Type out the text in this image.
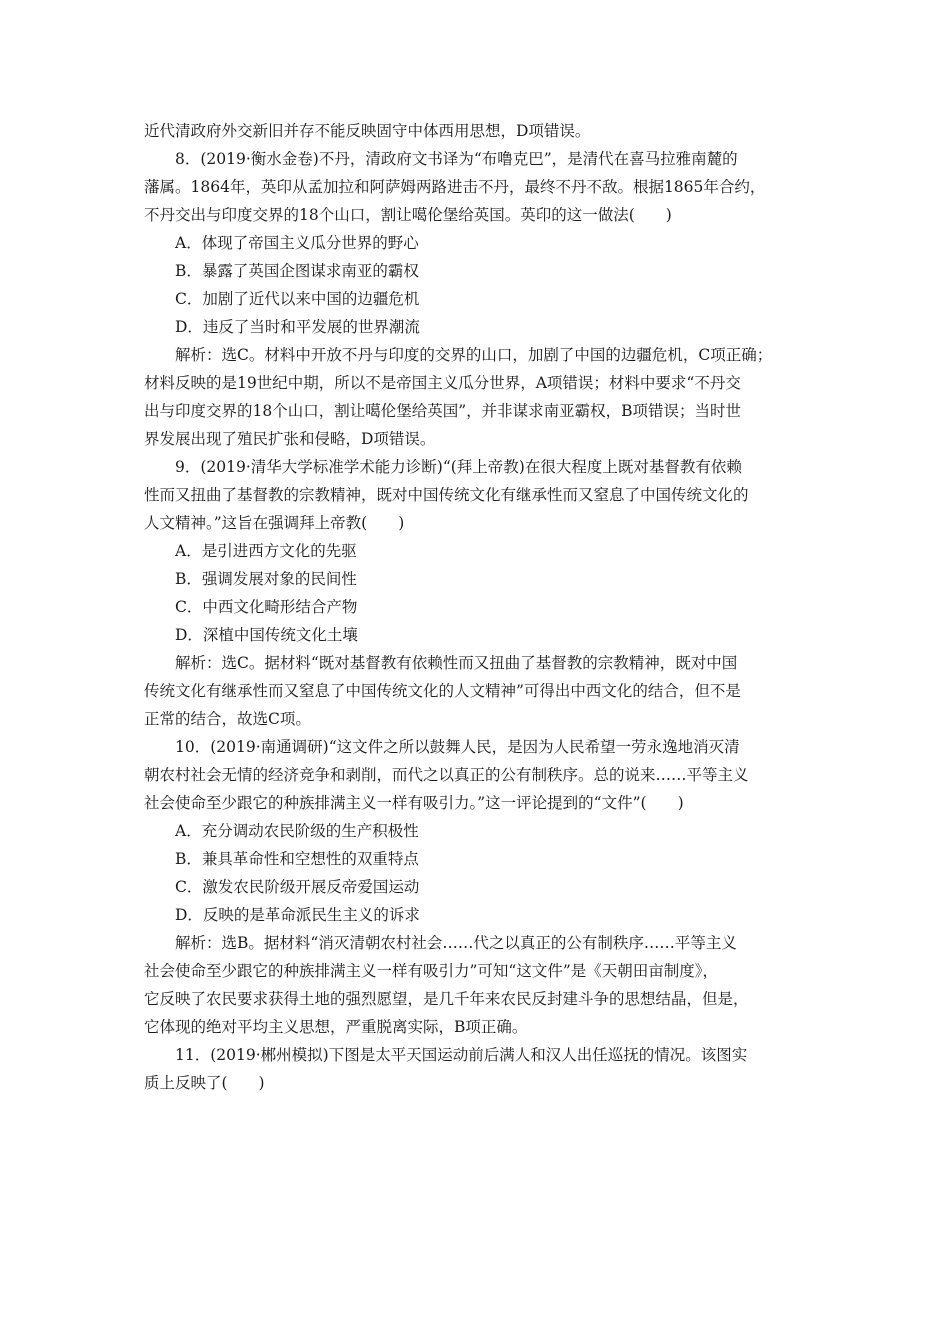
近代清政府外交新旧并存不能反映固守中体西用思想，D项错误。
8．(2019·衡水金卷)不丹，清政府文书译为“布噜克巴”，是清代在喜马拉雅南麓的
藩属。1864年，英印从孟加拉和阿萨姆两路进击不丹，最终不丹不敌。根据1865年合约，
不丹交出与印度交界的18个山口，割让噶伦堡给英国。英印的这一做法(　　)
A．体现了帝国主义瓜分世界的野心
B．暴露了英国企图谋求南亚的霸权
C．加剧了近代以来中国的边疆危机
D．违反了当时和平发展的世界潮流
解析：选C。材料中开放不丹与印度的交界的山口，加剧了中国的边疆危机，C项正确；
材料反映的是19世纪中期，所以不是帝国主义瓜分世界，A项错误；材料中要求“不丹交
出与印度交界的18个山口，割让噶伦堡给英国”，并非谋求南亚霸权，B项错误；当时世
界发展出现了殖民扩张和侵略，D项错误。
9．(2019·清华大学标准学术能力诊断)“(拜上帝教)在很大程度上既对基督教有依赖
性而又扭曲了基督教的宗教精神，既对中国传统文化有继承性而又窒息了中国传统文化的
人文精神。”这旨在强调拜上帝教(　　)
A．是引进西方文化的先驱
B．强调发展对象的民间性
C．中西文化畸形结合产物
D．深植中国传统文化土壤
解析：选C。据材料“既对基督教有依赖性而又扭曲了基督教的宗教精神，既对中国
传统文化有继承性而又窒息了中国传统文化的人文精神”可得出中西文化的结合，但不是
正常的结合，故选C项。
10．(2019·南通调研)“这文件之所以鼓舞人民，是因为人民希望一劳永逸地消灭清
朝农村社会无情的经济竞争和剥削，而代之以真正的公有制秩序。总的说来……平等主义
社会使命至少跟它的种族排满主义一样有吸引力。”这一评论提到的“文件”(　　)
A．充分调动农民阶级的生产积极性
B．兼具革命性和空想性的双重特点
C．激发农民阶级开展反帝爱国运动
D．反映的是革命派民生主义的诉求
解析：选B。据材料“消灭清朝农村社会……代之以真正的公有制秩序……平等主义
社会使命至少跟它的种族排满主义一样有吸引力”可知“这文件”是《天朝田亩制度》，
它反映了农民要求获得土地的强烈愿望，是几千年来农民反封建斗争的思想结晶，但是，
它体现的绝对平均主义思想，严重脱离实际，B项正确。
11．(2019·郴州模拟)下图是太平天国运动前后满人和汉人出任巡抚的情况。该图实
质上反映了(　　)
